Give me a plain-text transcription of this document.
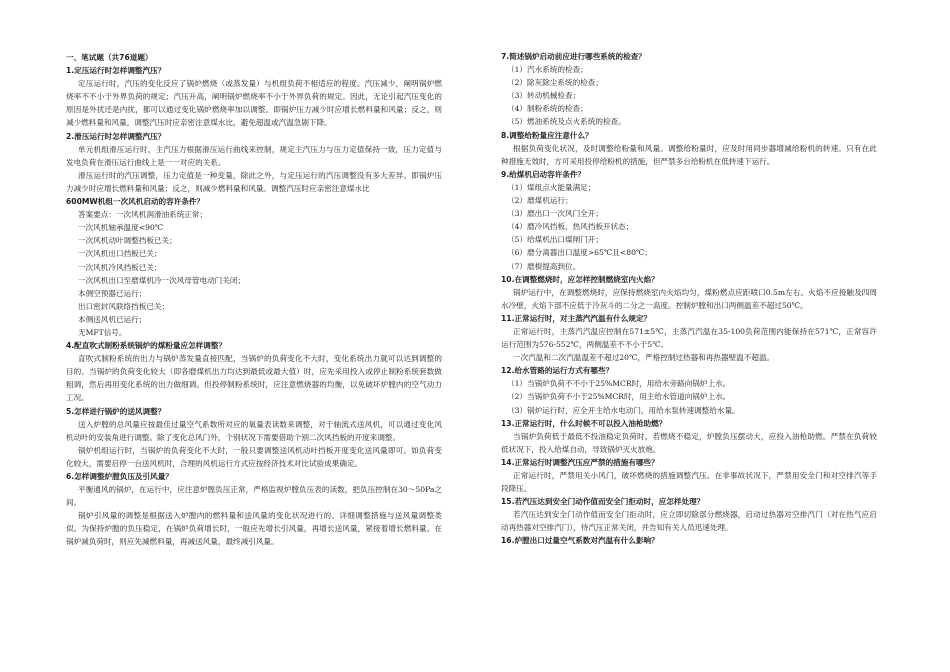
一、笔试题（共76道题）
1.定压运行时怎样调整汽压？
定压运行时，汽压的变化反应了锅炉燃烧（或蒸发量）与机组负荷不相适应的程度。汽压减少，阐明锅炉燃烧率不不小于外界负荷的规定；汽压升高，阐明锅炉燃烧率不小于外界负荷的规定。因此，无论引起汽压变化的原因是外扰还是内扰，都可以通过变化锅炉燃烧率加以调整。即锅炉压力减少时应增长燃料量和风量；反之，则减少燃料量和风量，调整汽压时应亲密注意煤水比，避免超温或汽温急剧下降。
2.滑压运行时怎样调整汽压？
单元机组滑压运行时，主汽压力根据滑压运行曲线来控制，规定主汽压力与压力定值保持一致，压力定值与发电负荷在滑压运行曲线上是一一对应的关系。
滑压运行时的汽压调整，压力定值是一种变量，除此之外，与定压运行的汽压调整没有多大差异。即锅炉压力减少时应增长燃料量和风量；反之，则减少燃料量和风量。调整汽压时应亲密注意煤水比
600MW机组一次风机启动的容许条件？
答案要点：一次风机润滑油系统正常；
一次风机轴承温度<90℃
一次风机动叶调整挡板已关；
一次风机出口挡板已关；
一次风机冷风挡板已关；
一次风机出口至磨煤机冷一次风母管电动门关闭；
本侧空预器已运行；
出口密封风联络挡板已关；
本侧送风机已运行；
无MFT信号。
4.配直吹式制粉系统锅炉的煤粉量应怎样调整？
直吹式制粉系统的出力与锅炉蒸发量直接匹配，当锅炉的负荷变化不大时，变化系统出力就可以达到调整的目的。当锅炉的负荷变化较大（即各磨煤机出力均达到最低或最大值）时，应先采用投入或停止制粉系统套数做粗调，然后再用变化系统的出力做细调。但投停制粉系统时，应注意燃烧器的均衡，以免破坏炉膛内的空气动力工况。
5.怎样进行锅炉的送风调整？
送入炉膛的总风量应按最佳过量空气系数所对应的氧量表读数来调整，对于轴流式送风机，可以通过变化风机动叶的安装角进行调整。除了变化总风门外，个别状况下需要借助个别二次风挡板的开度来调整。
锅炉机组运行时，当锅炉的负荷变化不大时，一般只要调整送风机动叶挡板开度变化送风量即可。如负荷变化较大，需要启停一台送风机时，合理的风机运行方式应按经济技术对比试验成果确定。
6.怎样调整炉膛负压及引风量？
平衡通风的锅炉，在运行中，应注意炉膛负压正常，严格监视炉膛负压表的读数，把负压控制在30～50Pa之间。
锅炉引风量的调整是根据送入炉膛内的燃料量和送风量的变化状况进行的。详细调整措施与送风量调整类似。为保持炉膛的负压稳定，在锅炉负荷增长时，一般应先增长引风量，再增长送风量，紧接着增长燃料量。在锅炉减负荷时，则应先减燃料量，再减送风量，最终减引风量。
7.简述锅炉启动前应进行哪些系统的检查？
（1）汽水系统的检查；
（2）除灰除尘系统的检查；
（3）转动机械检查；
（4）制粉系统的检查；
（5）燃油系统及点火系统的检查。
8.调整给粉量应注意什么？
根据负荷变化状况，及时调整给粉量和风量。调整给粉量时，应及时用同步器增减给粉机的转速。只有在此种措施无效时，方可采用投停给粉机的措施，但严禁多台给粉机在低转速下运行。
9.给煤机启动容许条件？
（1）煤组点火能量满足；
（2）磨煤机运行；
（3）磨出口一次风门全开；
（4）磨冷风挡板、热风挡板开状态；
（5）给煤机出口煤闸门开；
（6）磨分离器出口温度>65℃且<80℃；
（7）磨棍提高到位。
10.在调整燃烧时，应怎样控制燃烧室内火焰？
锅炉运行中，在调整燃烧时，应保持燃烧室内火焰均匀，煤粉燃点应距喷口0.5m左右。火焰不应接触及四周水冷壁，火焰下部不应低于冷灰斗的二分之一高度。控制炉膛和出口两侧温差不超过50℃。
11.正常运行时，对主蒸汽汽温有什么规定？
正常运行时，主蒸汽汽温应控制在571±5℃，主蒸汽汽温在35-100负荷范围内能保持在571℃，正常容许运行范围为576-552℃，两侧温差不不小于5℃。
一次汽温和二次汽温温差不超过20℃，严格控制过热器和再热器壁温不超温。
12.给水管路的运行方式有哪些？
（1）当锅炉负荷不不小于25%MCR时，用给水旁路向锅炉上水。
（2）当锅炉负荷不小于25%MCR时，用主给水管道向锅炉上水。
（3）锅炉运行时，应全开主给水电动门，用给水泵转速调整给水量。
13.正常运行时，什么时候不可以投入油枪助燃？
当锅炉负荷低于最低不投油稳定负荷时，若燃烧不稳定，炉膛负压摆动大，应投入油枪助燃。严禁在负荷较低状况下，投入给煤自动，导致锅炉灭火放炮。
14.正常运行时调整汽压应严禁的措施有哪些？
正常运行时，严禁用关小风门，破坏燃烧的措施调整汽压。在非事故状况下，严禁用安全门和对空排汽等手段降压。
15.若汽压达到安全门动作值而安全门拒动时，应怎样处理？
若汽压达到安全门动作值而安全门拒动时，应立即切除部分燃烧器，启动过热器对空排汽门（对在热气应启动再热器对空排汽门），待汽压正常关闭，并告知有关人员迅速处理。
16.炉膛出口过量空气系数对汽温有什么影响？
